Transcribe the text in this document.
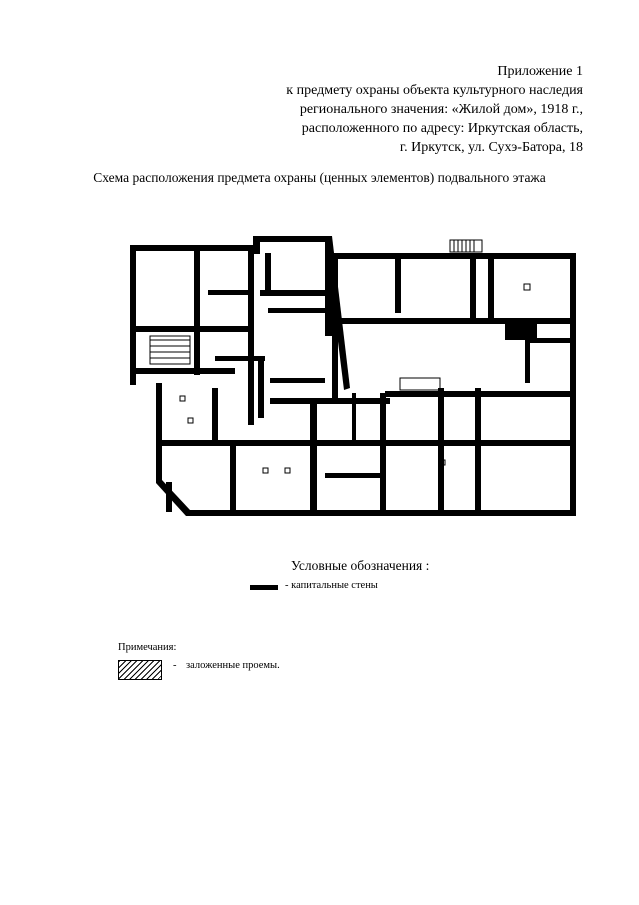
Приложение 1
к предмету охраны объекта культурного наследия
регионального значения: «Жилой дом», 1918 г.,
расположенного по адресу: Иркутская область,
г. Иркутск, ул. Сухэ-Батора, 18
Схема расположения предмета охраны (ценных элементов) подвального этажа
Условные обозначения :
- капитальные стены
Примечания:
- заложенные проемы.
